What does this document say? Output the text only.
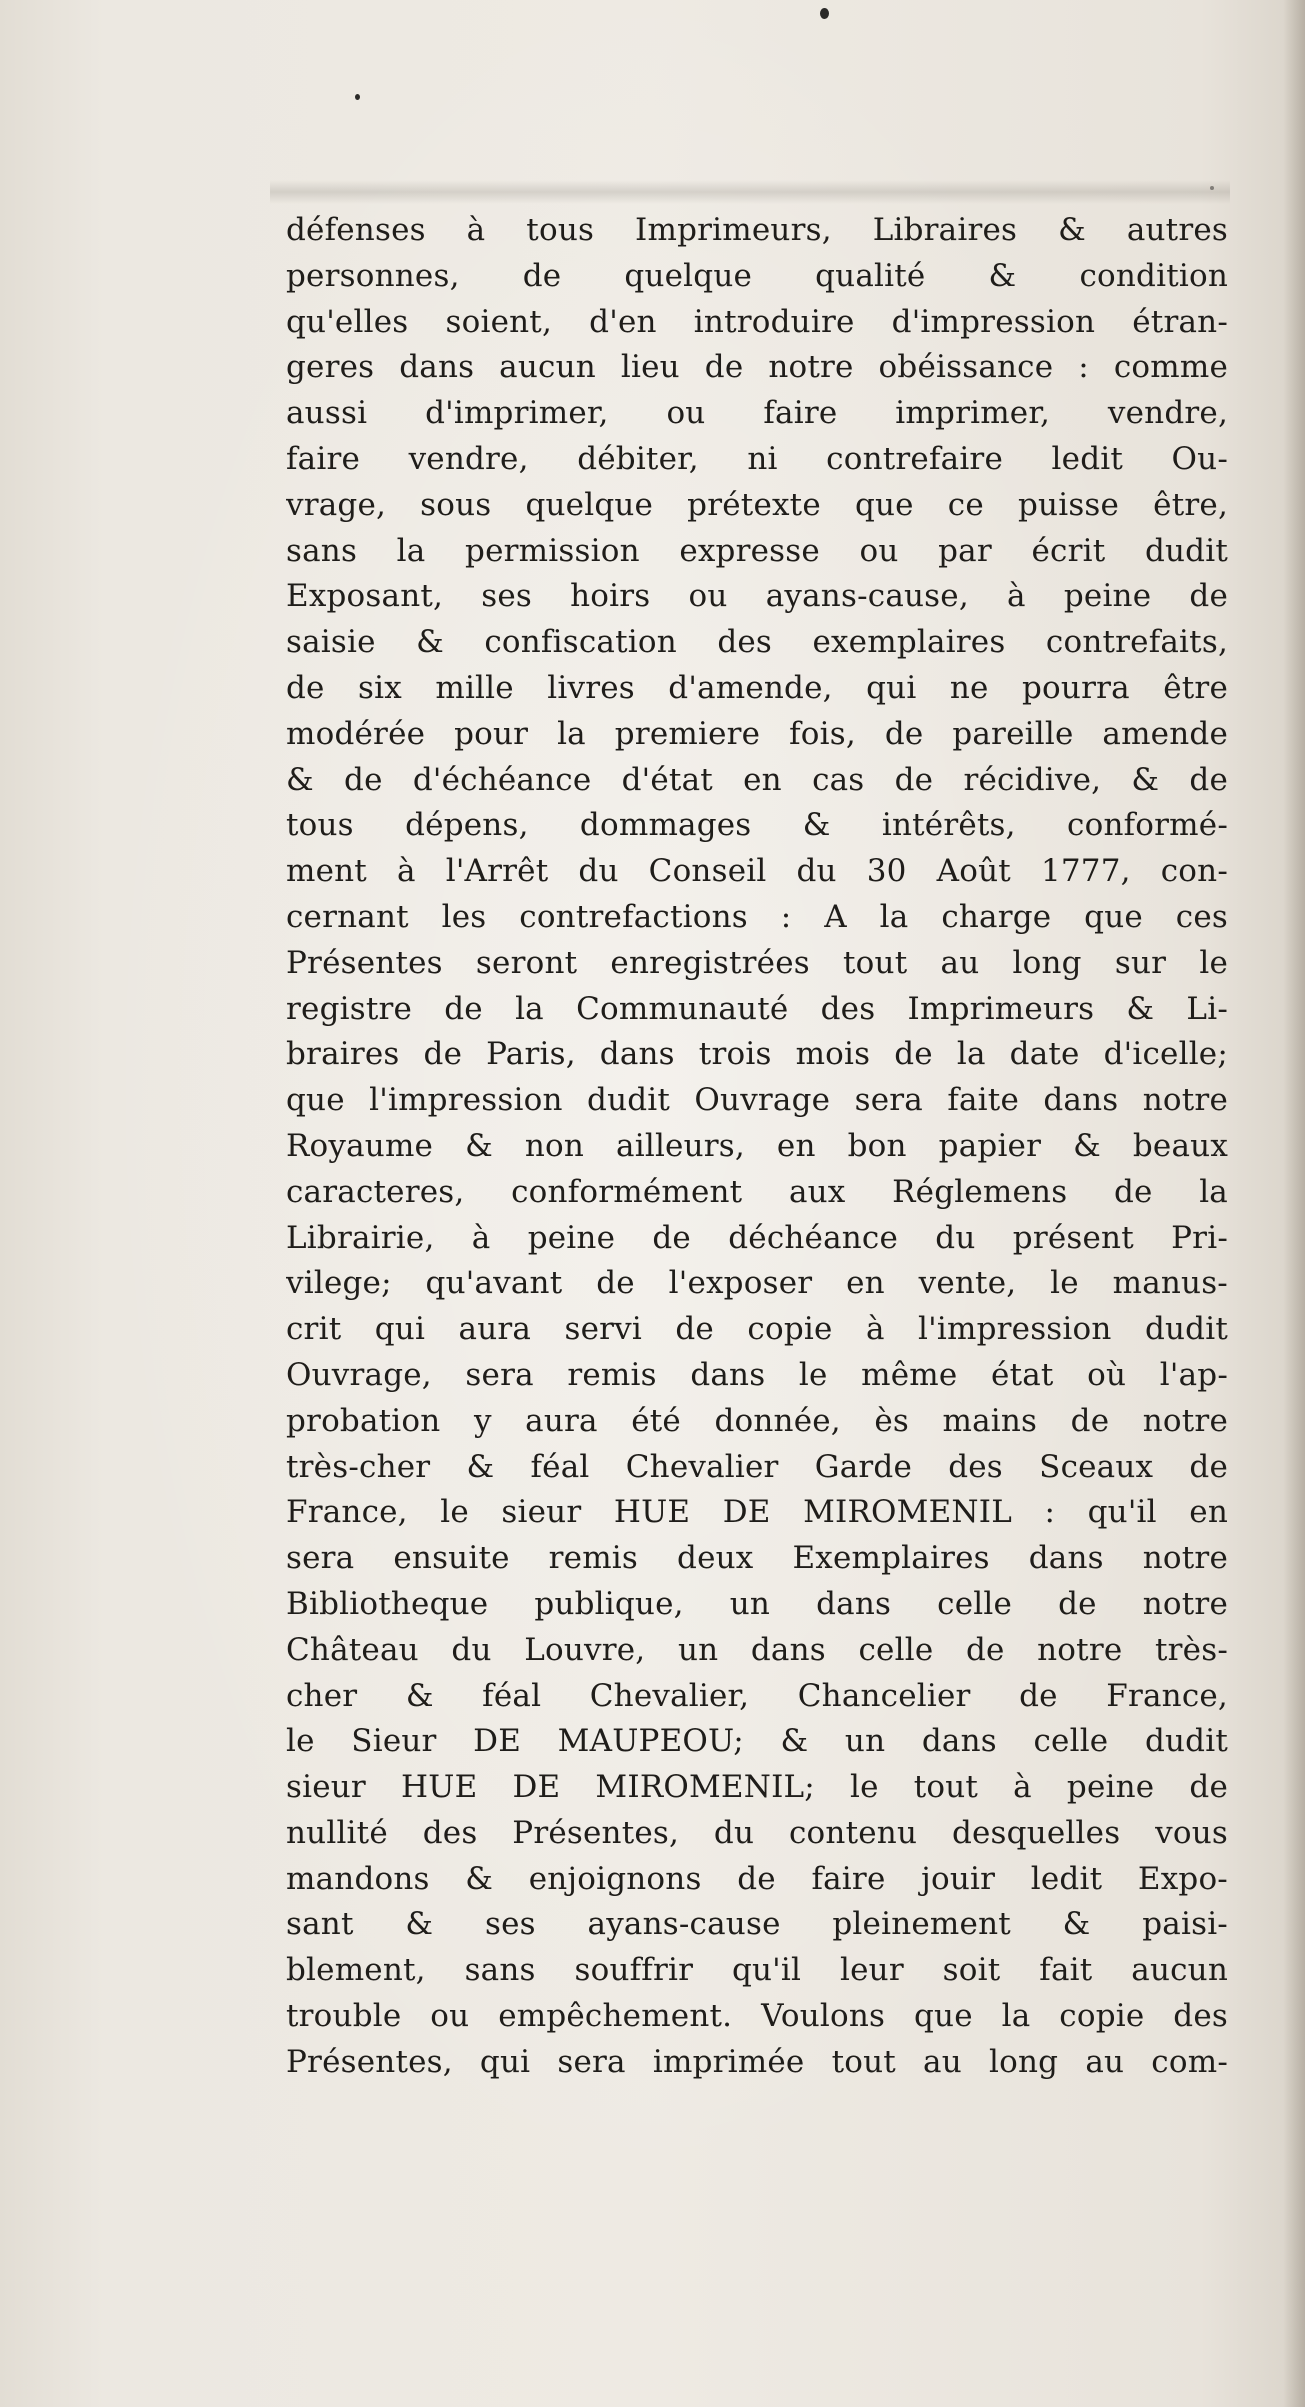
défenses à tous Imprimeurs, Libraires & autres
personnes, de quelque qualité & condition
qu'elles soient, d'en introduire d'impression étran-
geres dans aucun lieu de notre obéissance : comme
aussi d'imprimer, ou faire imprimer, vendre,
faire vendre, débiter, ni contrefaire ledit Ou-
vrage, sous quelque prétexte que ce puisse être,
sans la permission expresse ou par écrit dudit
Exposant, ses hoirs ou ayans-cause, à peine de
saisie & confiscation des exemplaires contrefaits,
de six mille livres d'amende, qui ne pourra être
modérée pour la premiere fois, de pareille amende
& de d'échéance d'état en cas de récidive, & de
tous dépens, dommages & intérêts, conformé-
ment à l'Arrêt du Conseil du 30 Août 1777, con-
cernant les contrefactions : A la charge que ces
Présentes seront enregistrées tout au long sur le
registre de la Communauté des Imprimeurs & Li-
braires de Paris, dans trois mois de la date d'icelle;
que l'impression dudit Ouvrage sera faite dans notre
Royaume & non ailleurs, en bon papier & beaux
caracteres, conformément aux Réglemens de la
Librairie, à peine de déchéance du présent Pri-
vilege; qu'avant de l'exposer en vente, le manus-
crit qui aura servi de copie à l'impression dudit
Ouvrage, sera remis dans le même état où l'ap-
probation y aura été donnée, ès mains de notre
très-cher & féal Chevalier Garde des Sceaux de
France, le sieur HUE DE MIROMENIL : qu'il en
sera ensuite remis deux Exemplaires dans notre
Bibliotheque publique, un dans celle de notre
Château du Louvre, un dans celle de notre très-
cher & féal Chevalier, Chancelier de France,
le Sieur DE MAUPEOU; & un dans celle dudit
sieur HUE DE MIROMENIL; le tout à peine de
nullité des Présentes, du contenu desquelles vous
mandons & enjoignons de faire jouir ledit Expo-
sant & ses ayans-cause pleinement & paisi-
blement, sans souffrir qu'il leur soit fait aucun
trouble ou empêchement. Voulons que la copie des
Présentes, qui sera imprimée tout au long au com-
